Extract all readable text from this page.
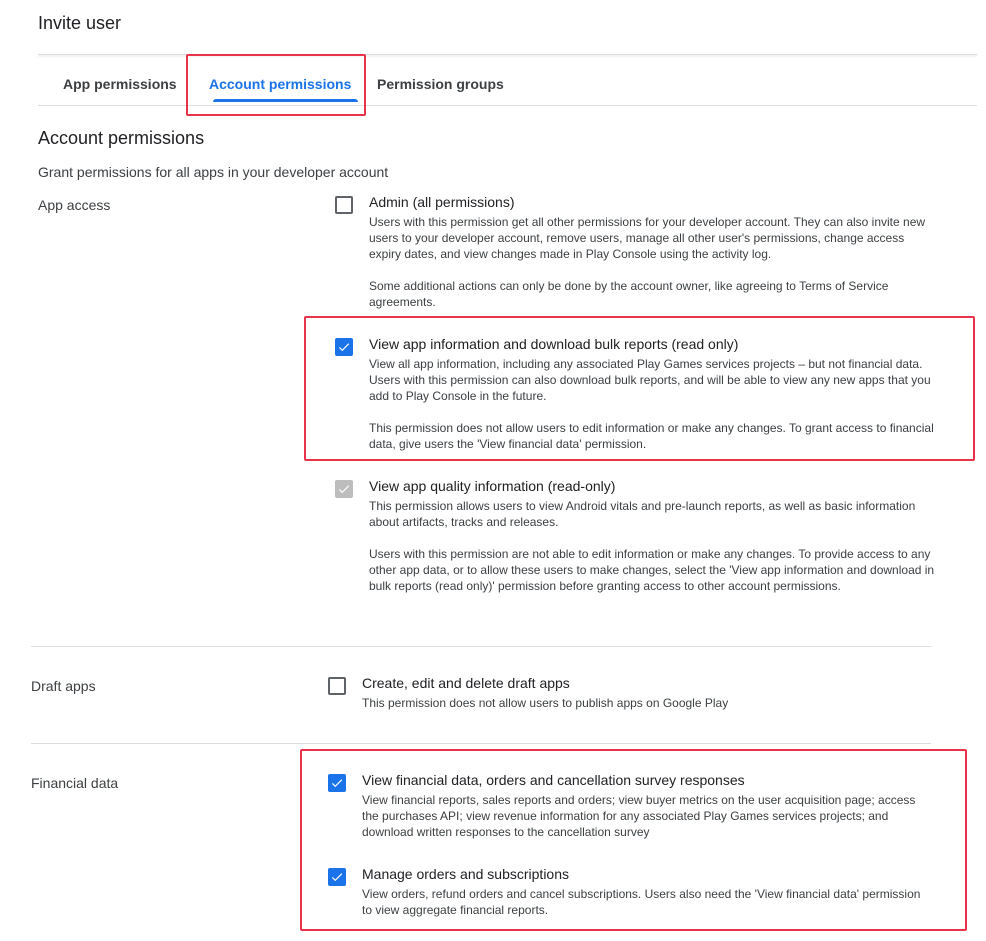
Invite user
App permissions Account permissions Permission groups
Account permissions
Grant permissions for all apps in your developer account
App access	Admin (all permissions)
Users with this permission get all other permissions for your developer account. They can also invite new users to your developer account, remove users, manage all other user's permissions, change access expiry dates, and view changes made in Play Console using the activity log.
Some additional actions can only be done by the account owner, like agreeing to Terms of Service agreements.
View app information and download bulk reports (read only)
View all app information, including any associated Play Games services projects – but not financial data. Users with this permission can also download bulk reports, and will be able to view any new apps that you add to Play Console in the future.
This permission does not allow users to edit information or make any changes. To grant access to financial data, give users the 'View financial data' permission.
View app quality information (read-only)
This permission allows users to view Android vitals and pre-launch reports, as well as basic information about artifacts, tracks and releases.
Users with this permission are not able to edit information or make any changes. To provide access to any other app data, or to allow these users to make changes, select the 'View app information and download in bulk reports (read only)' permission before granting access to other account permissions.
Draft apps	Create, edit and delete draft apps
This permission does not allow users to publish apps on Google Play
Financial data	View financial data, orders and cancellation survey responses
View financial reports, sales reports and orders; view buyer metrics on the user acquisition page; access the purchases API; view revenue information for any associated Play Games services projects; and download written responses to the cancellation survey
Manage orders and subscriptions
View orders, refund orders and cancel subscriptions. Users also need the 'View financial data' permission to view aggregate financial reports.
